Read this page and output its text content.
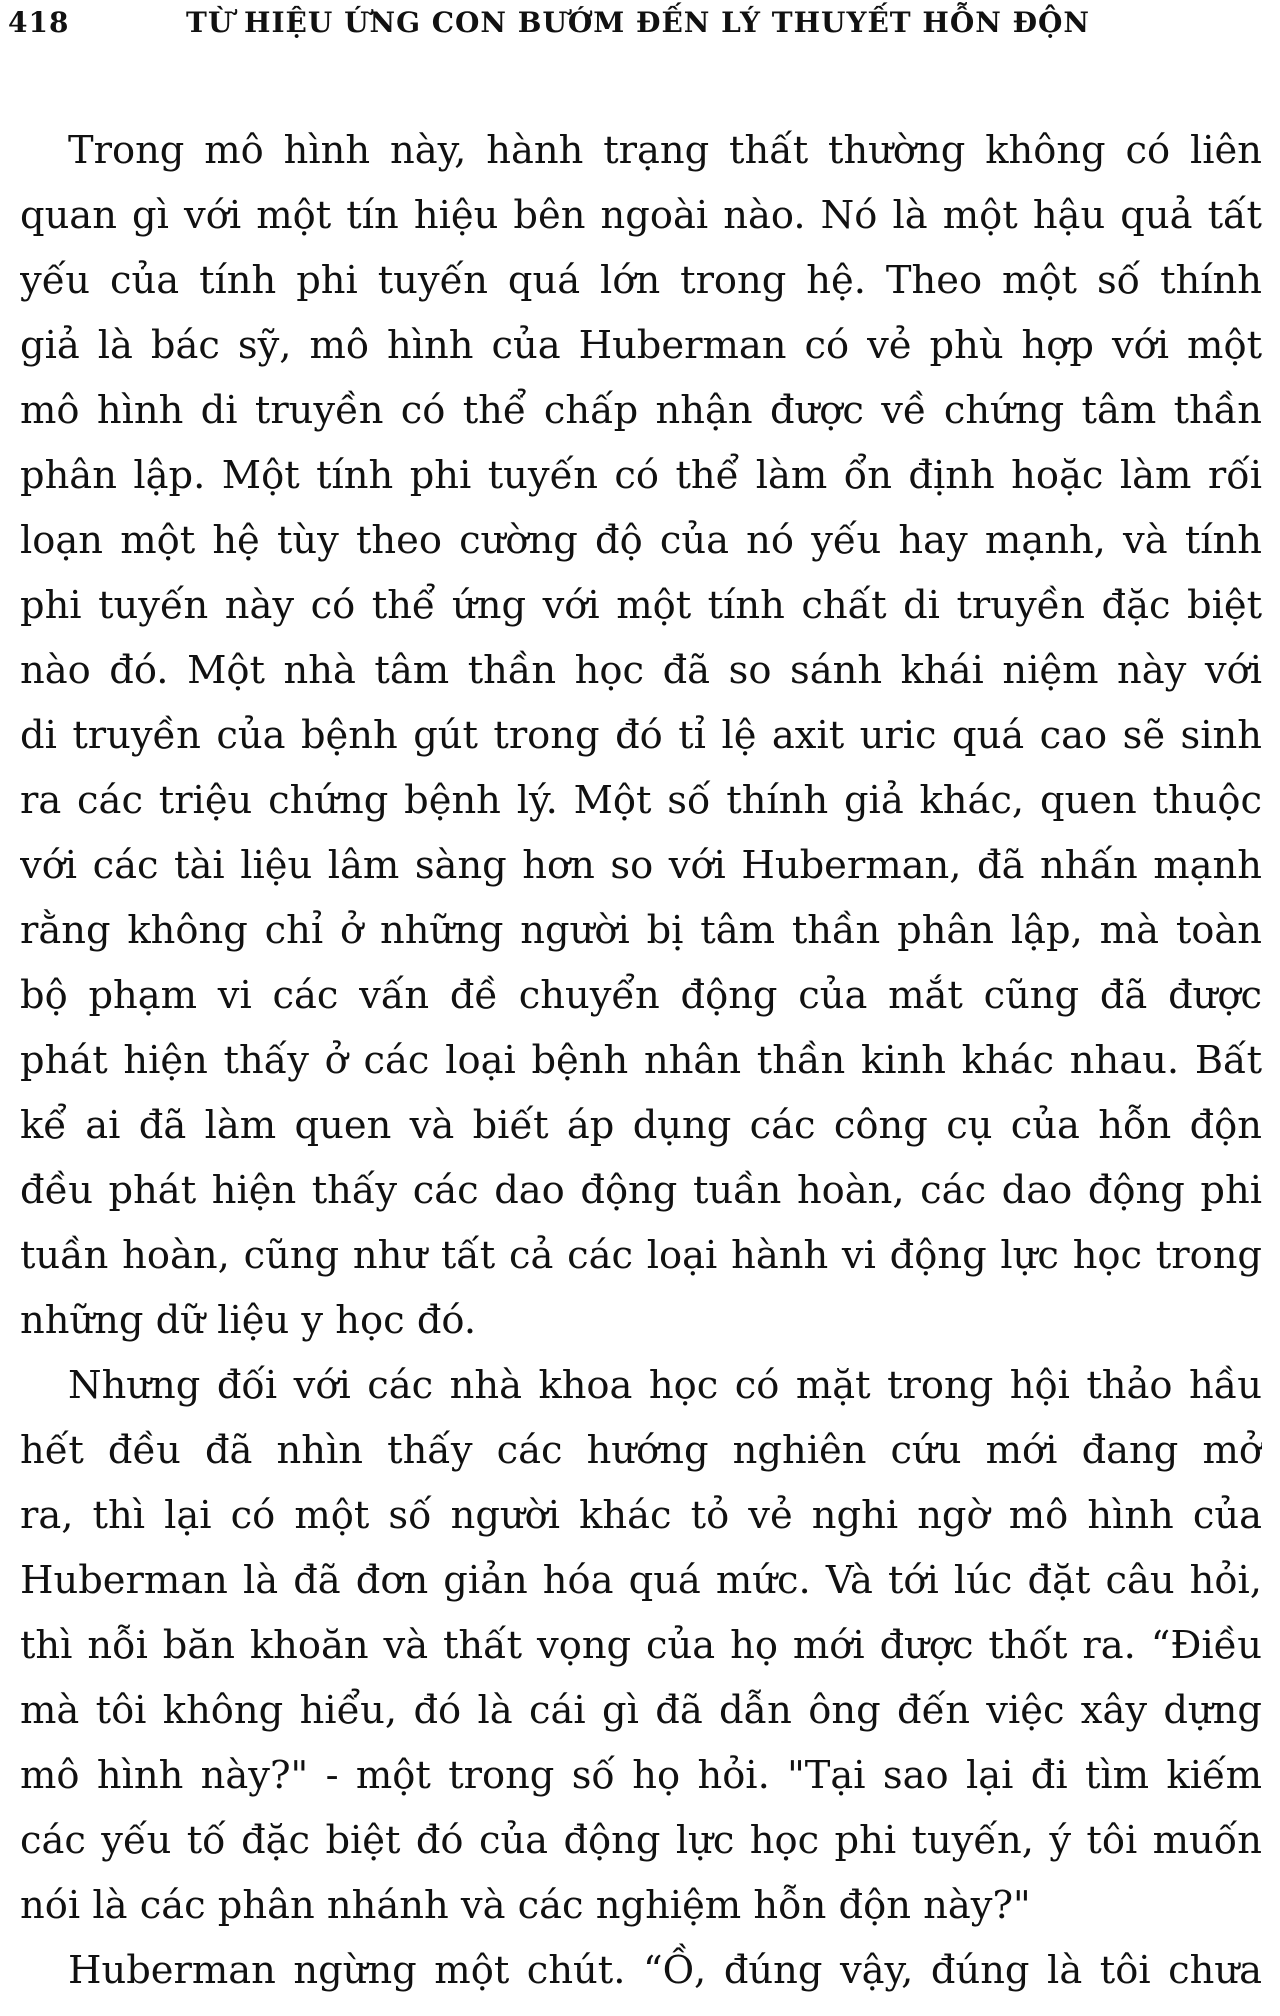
418	TỪ HIỆU ỨNG CON BƯỚM ĐẾN LÝ THUYẾT HỖN ĐỘN

Trong mô hình này, hành trạng thất thường không có liên
quan gì với một tín hiệu bên ngoài nào. Nó là một hậu quả tất
yếu của tính phi tuyến quá lớn trong hệ. Theo một số thính
giả là bác sỹ, mô hình của Huberman có vẻ phù hợp với một
mô hình di truyền có thể chấp nhận được về chứng tâm thần
phân lập. Một tính phi tuyến có thể làm ổn định hoặc làm rối
loạn một hệ tùy theo cường độ của nó yếu hay mạnh, và tính
phi tuyến này có thể ứng với một tính chất di truyền đặc biệt
nào đó. Một nhà tâm thần học đã so sánh khái niệm này với
di truyền của bệnh gút trong đó tỉ lệ axit uric quá cao sẽ sinh
ra các triệu chứng bệnh lý. Một số thính giả khác, quen thuộc
với các tài liệu lâm sàng hơn so với Huberman, đã nhấn mạnh
rằng không chỉ ở những người bị tâm thần phân lập, mà toàn
bộ phạm vi các vấn đề chuyển động của mắt cũng đã được
phát hiện thấy ở các loại bệnh nhân thần kinh khác nhau. Bất
kể ai đã làm quen và biết áp dụng các công cụ của hỗn độn
đều phát hiện thấy các dao động tuần hoàn, các dao động phi
tuần hoàn, cũng như tất cả các loại hành vi động lực học trong
những dữ liệu y học đó.

Nhưng đối với các nhà khoa học có mặt trong hội thảo hầu
hết đều đã nhìn thấy các hướng nghiên cứu mới đang mở
ra, thì lại có một số người khác tỏ vẻ nghi ngờ mô hình của
Huberman là đã đơn giản hóa quá mức. Và tới lúc đặt câu hỏi,
thì nỗi băn khoăn và thất vọng của họ mới được thốt ra. “Điều
mà tôi không hiểu, đó là cái gì đã dẫn ông đến việc xây dựng
mô hình này?" - một trong số họ hỏi. "Tại sao lại đi tìm kiếm
các yếu tố đặc biệt đó của động lực học phi tuyến, ý tôi muốn
nói là các phân nhánh và các nghiệm hỗn độn này?"

Huberman ngừng một chút. “Ồ, đúng vậy, đúng là tôi chưa
